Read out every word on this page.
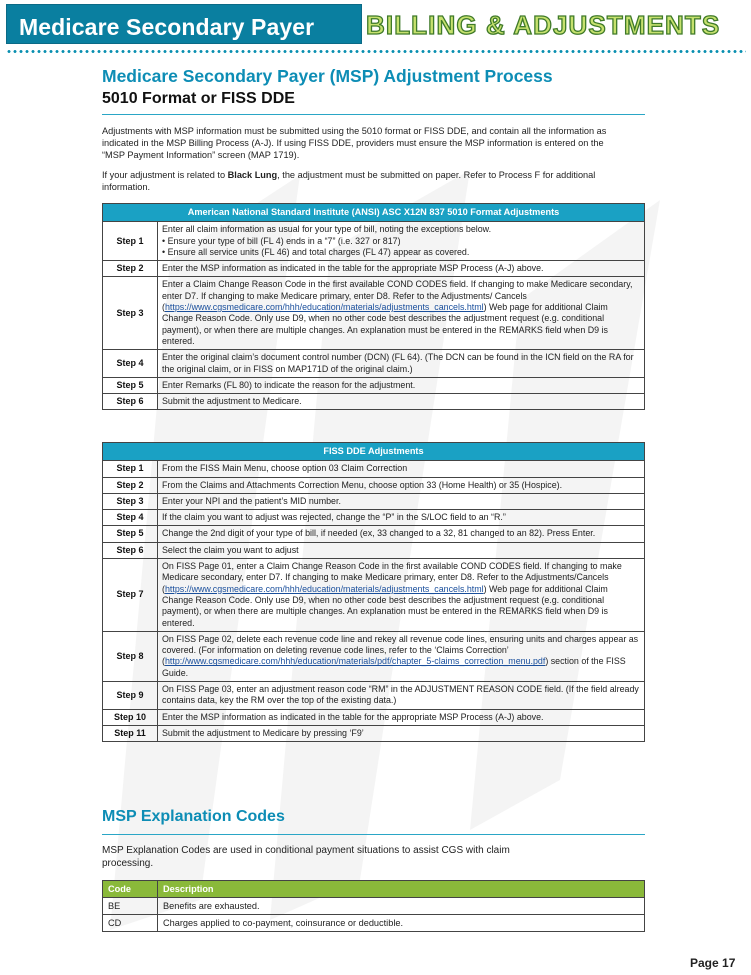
Medicare Secondary Payer BILLING & ADJUSTMENTS
Medicare Secondary Payer (MSP) Adjustment Process
5010 Format or FISS DDE
Adjustments with MSP information must be submitted using the 5010 format or FISS DDE, and contain all the information as indicated in the MSP Billing Process (A-J). If using FISS DDE, providers must ensure the MSP information is entered on the “MSP Payment Information” screen (MAP 1719).
If your adjustment is related to Black Lung, the adjustment must be submitted on paper. Refer to Process F for additional information.
American National Standard Institute (ANSI) ASC X12N 837 5010 Format Adjustments	
Step 1	Enter all claim information as usual for your type of bill, noting the exceptions below.
• Ensure your type of bill (FL 4) ends in a “7” (i.e. 327 or 817)
• Ensure all service units (FL 46) and total charges (FL 47) appear as covered.

Step 2	Enter the MSP information as indicated in the table for the appropriate MSP Process (A-J) above.
Step 3	Enter a Claim Change Reason Code in the first available COND CODES field. If changing to make Medicare secondary, enter D7. If changing to make Medicare primary, enter D8. Refer to the Adjustments/ Cancels (https://www.cgsmedicare.com/hhh/education/materials/adjustments_cancels.html) Web page for additional Claim Change Reason Code. Only use D9, when no other code best describes the adjustment request (e.g. conditional payment), or when there are multiple changes. An explanation must be entered in the REMARKS field when D9 is entered.
Step 4	Enter the original claim’s document control number (DCN) (FL 64). (The DCN can be found in the ICN field on the RA for the original claim, or in FISS on MAP171D of the original claim.)
Step 5	Enter Remarks (FL 80) to indicate the reason for the adjustment.
Step 6	Submit the adjustment to Medicare.
FISS DDE Adjustments	
Step 1	From the FISS Main Menu, choose option 03 Claim Correction
Step 2	From the Claims and Attachments Correction Menu, choose option 33 (Home Health) or 35 (Hospice).
Step 3	Enter your NPI and the patient’s MID number.
Step 4	If the claim you want to adjust was rejected, change the “P” in the S/LOC field to an “R.”
Step 5	Change the 2nd digit of your type of bill, if needed (ex, 33 changed to a 32, 81 changed to an 82). Press Enter.
Step 6	Select the claim you want to adjust
Step 7	On FISS Page 01, enter a Claim Change Reason Code in the first available COND CODES field. If changing to make Medicare secondary, enter D7. If changing to make Medicare primary, enter D8. Refer to the Adjustments/Cancels (https://www.cgsmedicare.com/hhh/education/materials/adjustments_cancels.html) Web page for additional Claim Change Reason Code. Only use D9, when no other code best describes the adjustment request (e.g. conditional payment), or when there are multiple changes. An explanation must be entered in the REMARKS field when D9 is entered.
Step 8	On FISS Page 02, delete each revenue code line and rekey all revenue code lines, ensuring units and charges appear as covered. (For information on deleting revenue code lines, refer to the ‘Claims Correction’ (http://www.cgsmedicare.com/hhh/education/materials/pdf/chapter_5-claims_correction_menu.pdf) section of the FISS Guide.
Step 9	On FISS Page 03, enter an adjustment reason code “RM” in the ADJUSTMENT REASON CODE field. (If the field already contains data, key the RM over the top of the existing data.)
Step 10	Enter the MSP information as indicated in the table for the appropriate MSP Process (A-J) above.
Step 11	Submit the adjustment to Medicare by pressing ‘F9’
MSP Explanation Codes
MSP Explanation Codes are used in conditional payment situations to assist CGS with claim processing.
Code	Description
BE	Benefits are exhausted.
CD	Charges applied to co-payment, coinsurance or deductible.
Page 17
